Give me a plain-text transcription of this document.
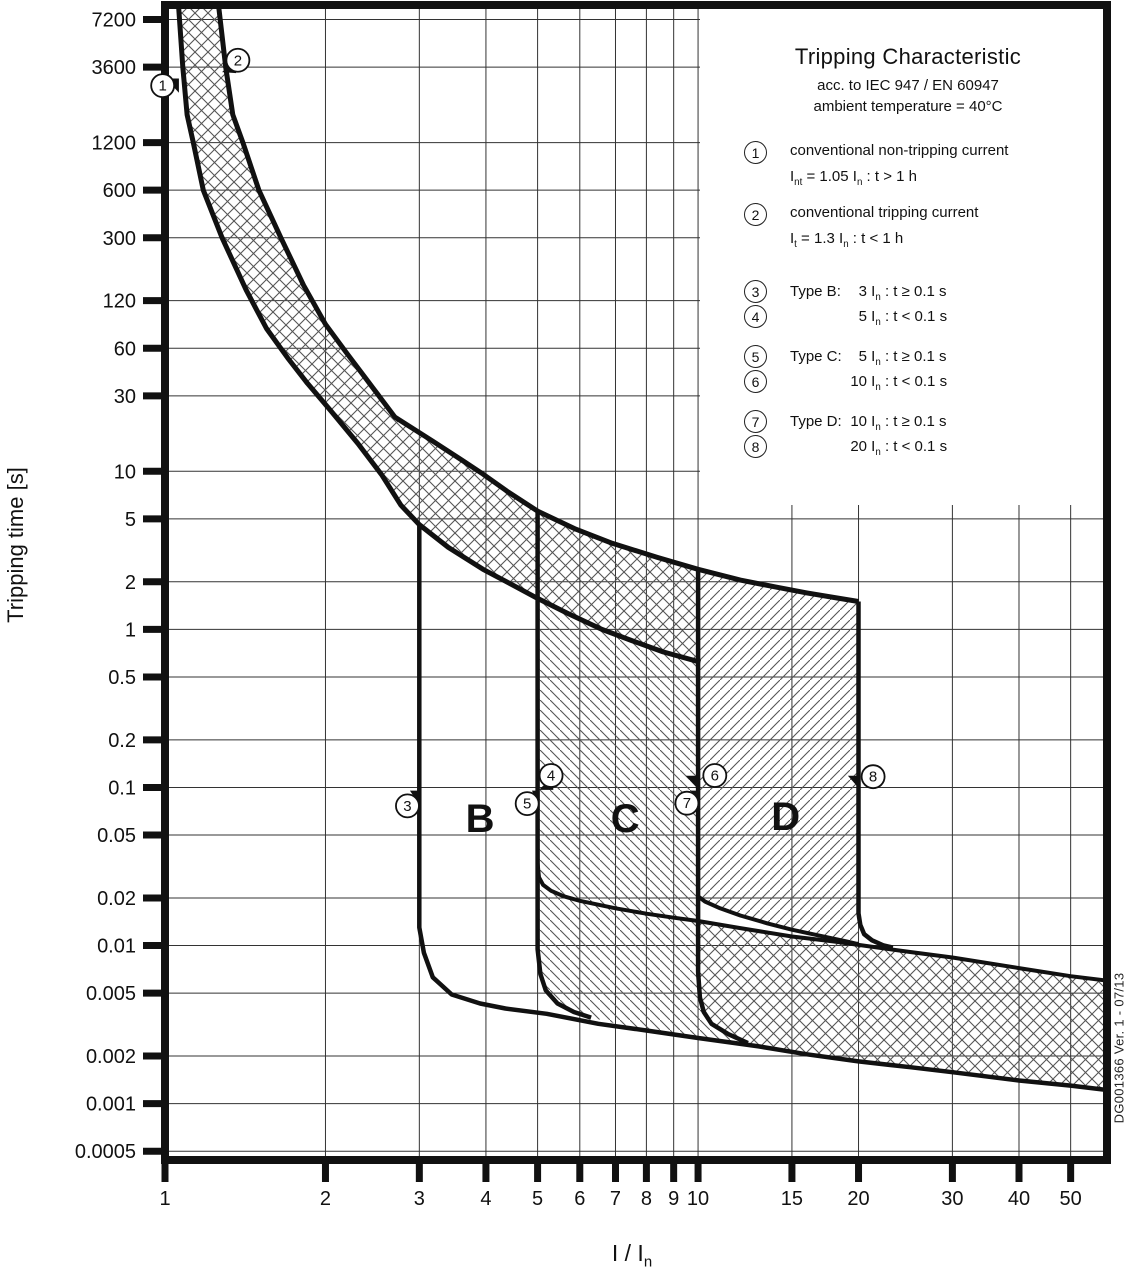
1	2	3	4 5 6 7 8 9 10	15 20	30 40 50
7200
3600
1200
600
300
120
60
30
10
5
2
1
0.5
0.2
0.1
0.05
0.02
0.01
0.005
0.002
0.001
0.0005
B	C	D
1
2
3
4
5
6
7
8
Tripping Characteristic
acc. to IEC 947 / EN 60947
ambient temperature = 40°C
1	conventional non-tripping current
$I_{nt} = 1.05$ $I_n$ : t > 1 h
2	conventional tripping current
$I_t = 1.3$ $I_n$ : t < 1 h
3	Type B:	3 $I_n$ : t ≥ 0.1 s
4	5 $I_n$ : t < 0.1 s
5	Type C:	5 $I_n$ : t ≥ 0.1 s
6	10 $I_n$ : t < 0.1 s
7	Type D: 10 $I_n$ : t ≥ 0.1 s
8	20 $I_n$ : t < 0.1 s
Tripping time [s]
I / $I_n$
DG001366 Ver. 1 - 07/13
